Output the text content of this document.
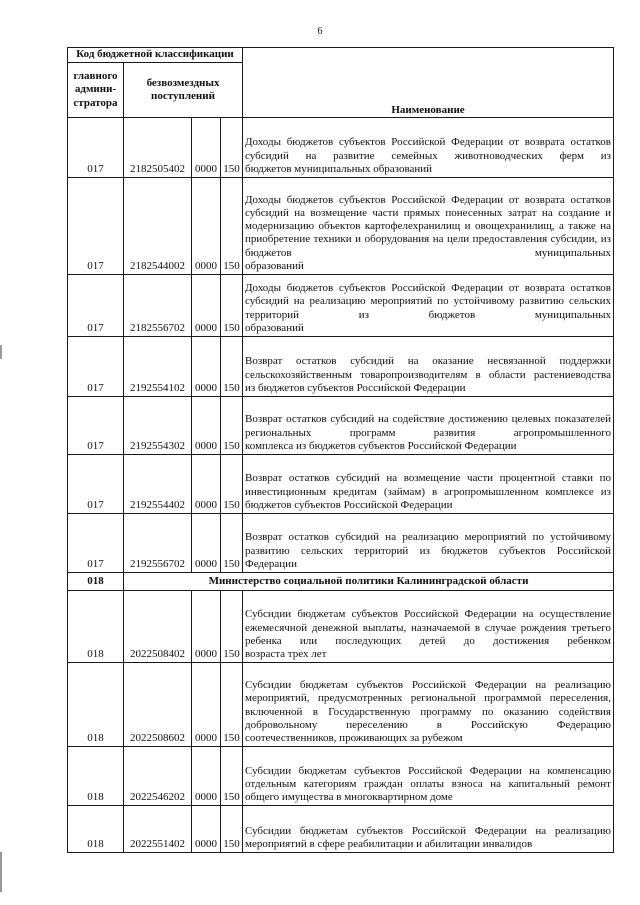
6
Код бюджетной классификации				Наименование
главного админи-стратора	безвозмездных поступлений			
017	2182505402	0000	150	Доходы бюджетов субъектов Российской Федерации от возврата остатков субсидий на развитие семейных животноводческих ферм из
бюджетов муниципальных образований

017	2182544002	0000	150	Доходы бюджетов субъектов Российской Федерации от возврата остатков субсидий на возмещение части прямых понесенных затрат на создание и модернизацию объектов картофелехранилищ и овощехранилищ, а также на приобретение техники и оборудования на цели предоставления субсидии, из бюджетов муниципальных
образований

017	2182556702	0000	150	Доходы бюджетов субъектов Российской Федерации от возврата остатков субсидий на реализацию мероприятий по устойчивому развитию сельских территорий из бюджетов муниципальных
образований

017	2192554102	0000	150	Возврат остатков субсидий на оказание несвязанной поддержки сельскохозяйственным товаропроизводителям в области растениеводства
из бюджетов субъектов Российской Федерации

017	2192554302	0000	150	Возврат остатков субсидий на содействие достижению целевых показателей региональных программ развития агропромышленного
комплекса из бюджетов субъектов Российской Федерации

017	2192554402	0000	150	Возврат остатков субсидий на возмещение части процентной ставки по инвестиционным кредитам (займам) в агропромышленном комплексе из
бюджетов субъектов Российской Федерации

017	2192556702	0000	150	Возврат остатков субсидий на реализацию мероприятий по устойчивому развитию сельских территорий из бюджетов субъектов Российской
Федерации

018	Министерство социальной политики Калининградской области			
018	2022508402	0000	150	Субсидии бюджетам субъектов Российской Федерации на осуществление ежемесячной денежной выплаты, назначаемой в случае рождения третьего ребенка или последующих детей до достижения ребенком
возраста трех лет

018	2022508602	0000	150	Субсидии бюджетам субъектов Российской Федерации на реализацию мероприятий, предусмотренных региональной программой переселения, включенной в Государственную программу по оказанию содействия добровольному переселению в Российскую Федерацию
соотечественников, проживающих за рубежом

018	2022546202	0000	150	Субсидии бюджетам субъектов Российской Федерации на компенсацию отдельным категориям граждан оплаты взноса на капитальный ремонт
общего имущества в многоквартирном доме

018	2022551402	0000	150	Субсидии бюджетам субъектов Российской Федерации на реализацию
мероприятий в сфере реабилитации и абилитации инвалидов
